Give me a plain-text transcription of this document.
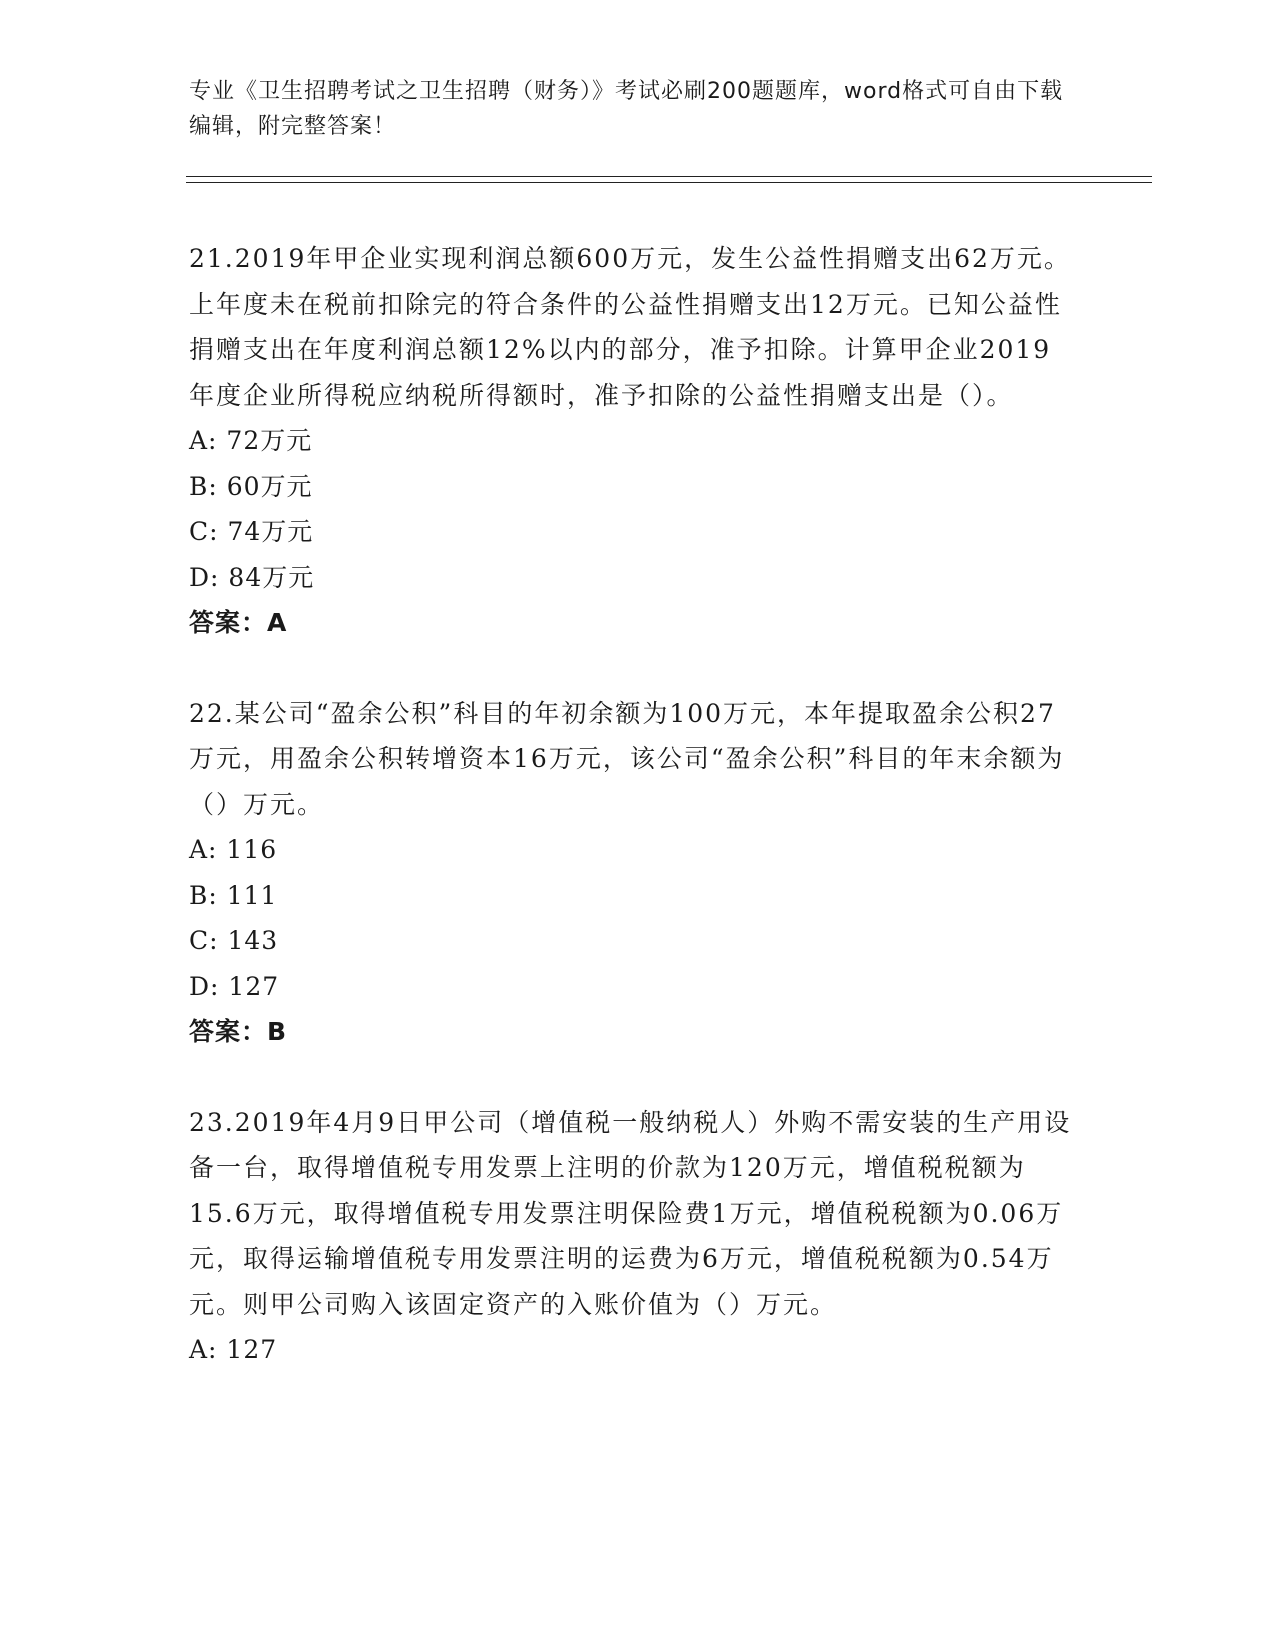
专业《卫生招聘考试之卫生招聘（财务）》考试必刷200题题库，word格式可自由下载编辑，附完整答案！

21.2019年甲企业实现利润总额600万元，发生公益性捐赠支出62万元。上年度未在税前扣除完的符合条件的公益性捐赠支出12万元。已知公益性捐赠支出在年度利润总额12%以内的部分，准予扣除。计算甲企业2019年度企业所得税应纳税所得额时，准予扣除的公益性捐赠支出是（）。

A: 72万元

B: 60万元

C: 74万元

D: 84万元

答案：A

22.某公司“盈余公积”科目的年初余额为100万元，本年提取盈余公积27万元，用盈余公积转增资本16万元，该公司“盈余公积”科目的年末余额为（）万元。

A: 116

B: 111

C: 143

D: 127

答案：B

23.2019年4月9日甲公司（增值税一般纳税人）外购不需安装的生产用设备一台，取得增值税专用发票上注明的价款为120万元，增值税税额为15.6万元，取得增值税专用发票注明保险费1万元，增值税税额为0.06万元，取得运输增值税专用发票注明的运费为6万元，增值税税额为0.54万元。则甲公司购入该固定资产的入账价值为（）万元。

A: 127
